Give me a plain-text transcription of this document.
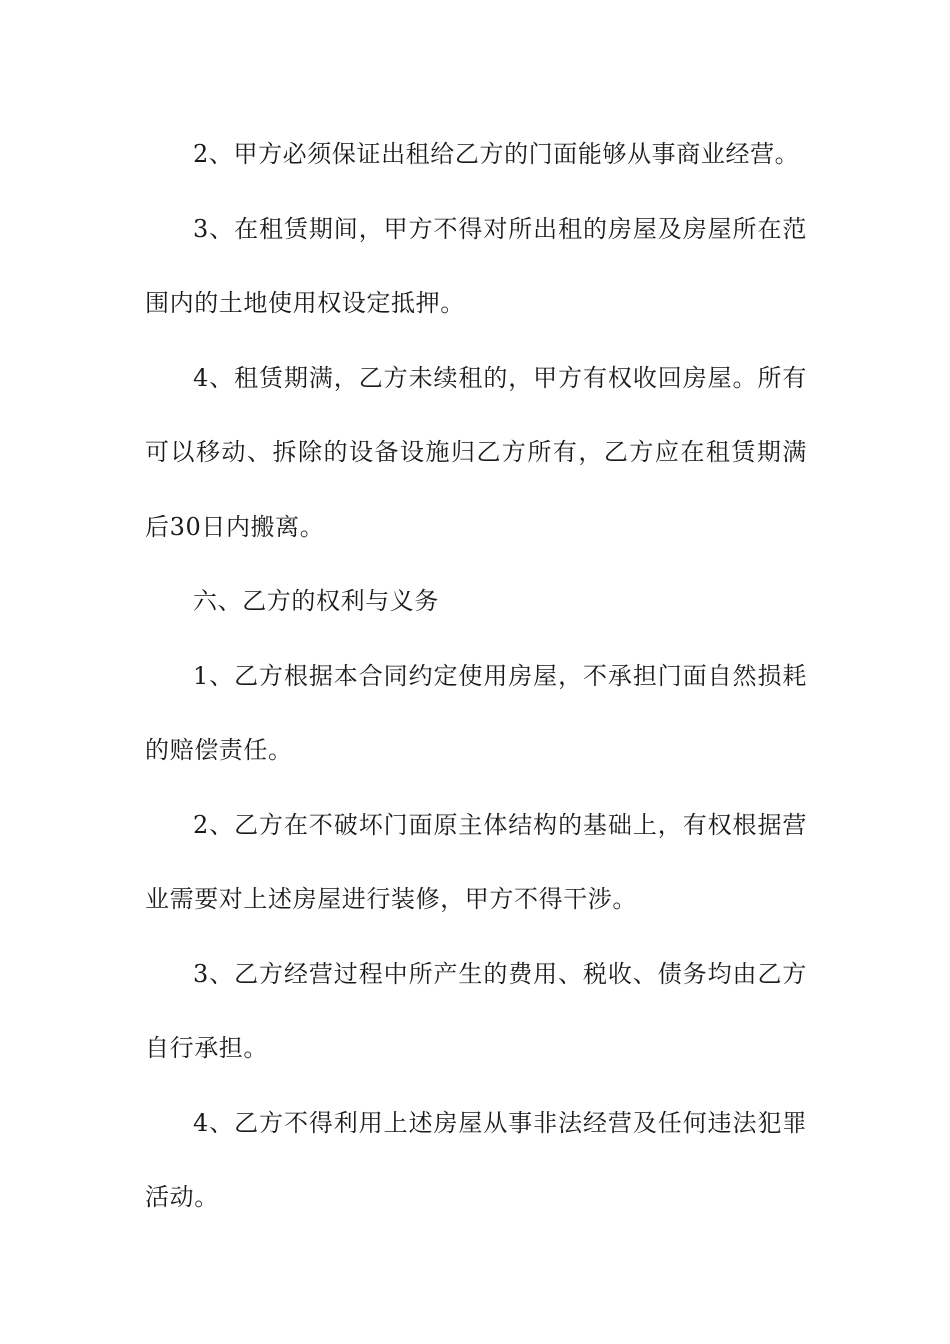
2、甲方必须保证出租给乙方的门面能够从事商业经营。

3、在租赁期间，甲方不得对所出租的房屋及房屋所在范围内的土地使用权设定抵押。

4、租赁期满，乙方未续租的，甲方有权收回房屋。所有可以移动、拆除的设备设施归乙方所有，乙方应在租赁期满后30日内搬离。

六、乙方的权利与义务

1、乙方根据本合同约定使用房屋，不承担门面自然损耗的赔偿责任。

2、乙方在不破坏门面原主体结构的基础上，有权根据营业需要对上述房屋进行装修，甲方不得干涉。

3、乙方经营过程中所产生的费用、税收、债务均由乙方自行承担。

4、乙方不得利用上述房屋从事非法经营及任何违法犯罪活动。
